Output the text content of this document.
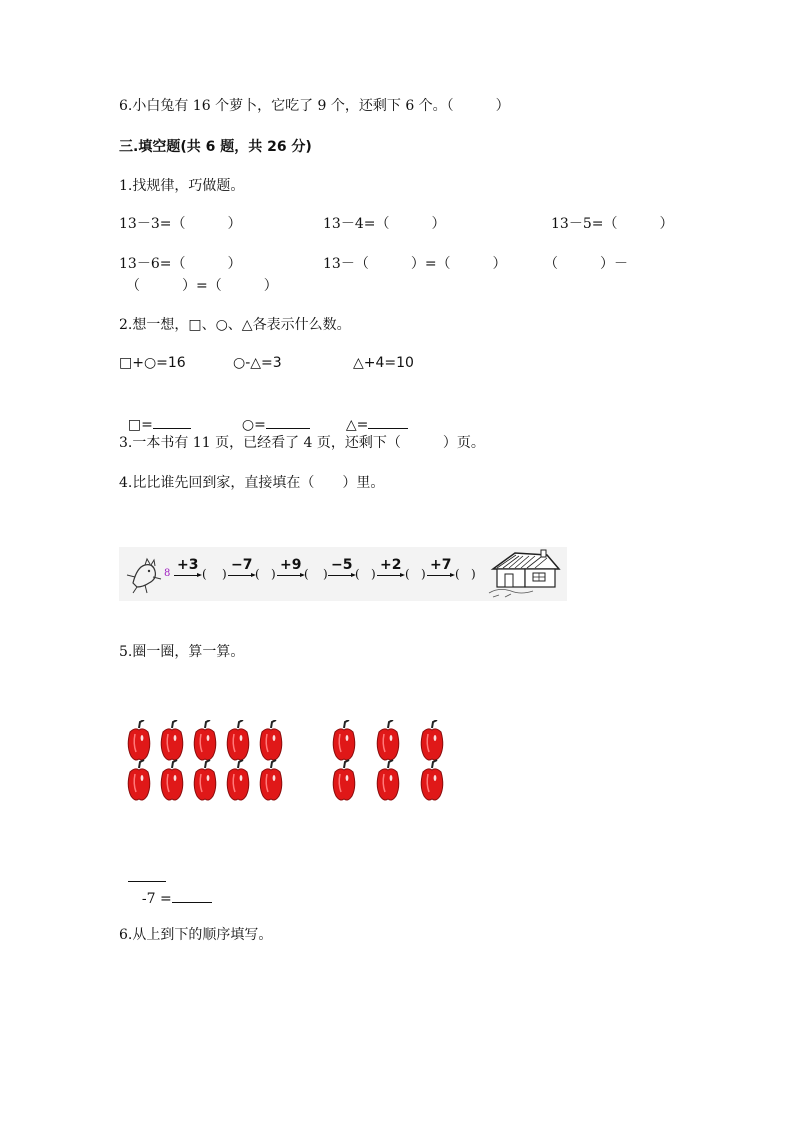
6.小白兔有 16 个萝卜，它吃了 9 个，还剩下 6 个。（　　　）
三.填空题(共 6 题，共 26 分)
1.找规律，巧做题。
13－3=（　　　）	13－4=（　　　）	13－5=（　　　）
13－6=（　　　）	13－（　　　）=（　　　）	（　　　）－
（　　　）=（　　　）
2.想一想，□、○、△各表示什么数。
□+○=16	○-△=3	△+4=10

□=	○=	△=

3.一本书有 11 页，已经看了 4 页，还剩下（　　　）页。
4.比比谁先回到家，直接填在（　　）里。
8
+3
( )
−7
( )
+9
( )
−5
( )
+2
( )
+7
( )
5.圈一圈，算一算。

-7 =

6.从上到下的顺序填写。
